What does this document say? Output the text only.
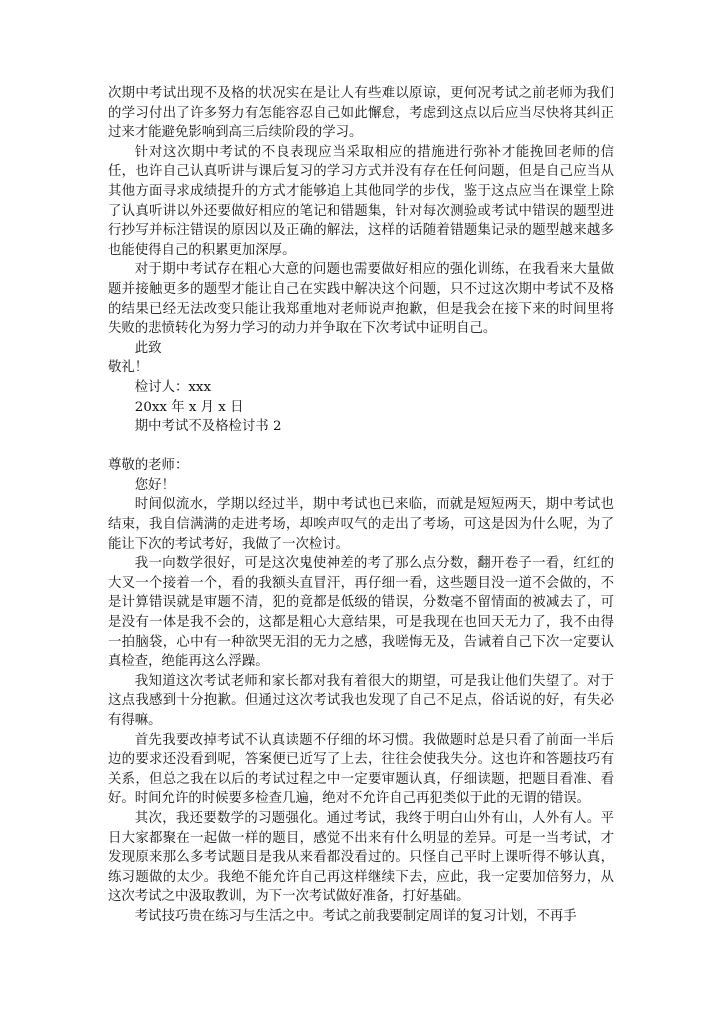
次期中考试出现不及格的状况实在是让人有些难以原谅，更何况考试之前老师为我们的学习付出了许多努力有怎能容忍自己如此懈怠，考虑到这点以后应当尽快将其纠正过来才能避免影响到高三后续阶段的学习。

针对这次期中考试的不良表现应当采取相应的措施进行弥补才能挽回老师的信任，也许自己认真听讲与课后复习的学习方式并没有存在任何问题，但是自己应当从其他方面寻求成绩提升的方式才能够追上其他同学的步伐，鉴于这点应当在课堂上除了认真听讲以外还要做好相应的笔记和错题集，针对每次测验或考试中错误的题型进行抄写并标注错误的原因以及正确的解法，这样的话随着错题集记录的题型越来越多也能使得自己的积累更加深厚。

对于期中考试存在粗心大意的问题也需要做好相应的强化训练，在我看来大量做题并接触更多的题型才能让自己在实践中解决这个问题，只不过这次期中考试不及格的结果已经无法改变只能让我郑重地对老师说声抱歉，但是我会在接下来的时间里将失败的悲愤转化为努力学习的动力并争取在下次考试中证明自己。

此致

敬礼！

检讨人：xxx

20xx 年 x 月 x 日

期中考试不及格检讨书 2

尊敬的老师：

您好！

时间似流水，学期以经过半，期中考试也已来临，而就是短短两天，期中考试也结束，我自信满满的走进考场，却唉声叹气的走出了考场，可这是因为什么呢，为了能让下次的考试考好，我做了一次检讨。

我一向数学很好，可是这次鬼使神差的考了那么点分数，翻开卷子一看，红红的大叉一个接着一个，看的我额头直冒汗，再仔细一看，这些题目没一道不会做的，不是计算错误就是审题不清，犯的竟都是低级的错误，分数毫不留情面的被减去了，可是没有一体是我不会的，这都是粗心大意结果，可是我现在也回天无力了，我不由得一拍脑袋，心中有一种欲哭无泪的无力之感，我嗟悔无及，告诫着自己下次一定要认真检查，绝能再这么浮躁。

我知道这次考试老师和家长都对我有着很大的期望，可是我让他们失望了。对于这点我感到十分抱歉。但通过这次考试我也发现了自己不足点，俗话说的好，有失必有得嘛。

首先我要改掉考试不认真读题不仔细的坏习惯。我做题时总是只看了前面一半后边的要求还没看到呢，答案便已近写了上去，往往会使我失分。这也许和答题技巧有关系，但总之我在以后的考试过程之中一定要审题认真，仔细读题，把题目看准、看好。时间允许的时候要多检查几遍，绝对不允许自己再犯类似于此的无谓的错误。

其次，我还要数学的习题强化。通过考试，我终于明白山外有山，人外有人。平日大家都聚在一起做一样的题目，感觉不出来有什么明显的差异。可是一当考试，才发现原来那么多考试题目是我从来看都没看过的。只怪自己平时上课听得不够认真，练习题做的太少。我绝不能允许自己再这样继续下去，应此，我一定要加倍努力，从这次考试之中汲取教训，为下一次考试做好准备，打好基础。

考试技巧贵在练习与生活之中。考试之前我要制定周详的复习计划，不再手
